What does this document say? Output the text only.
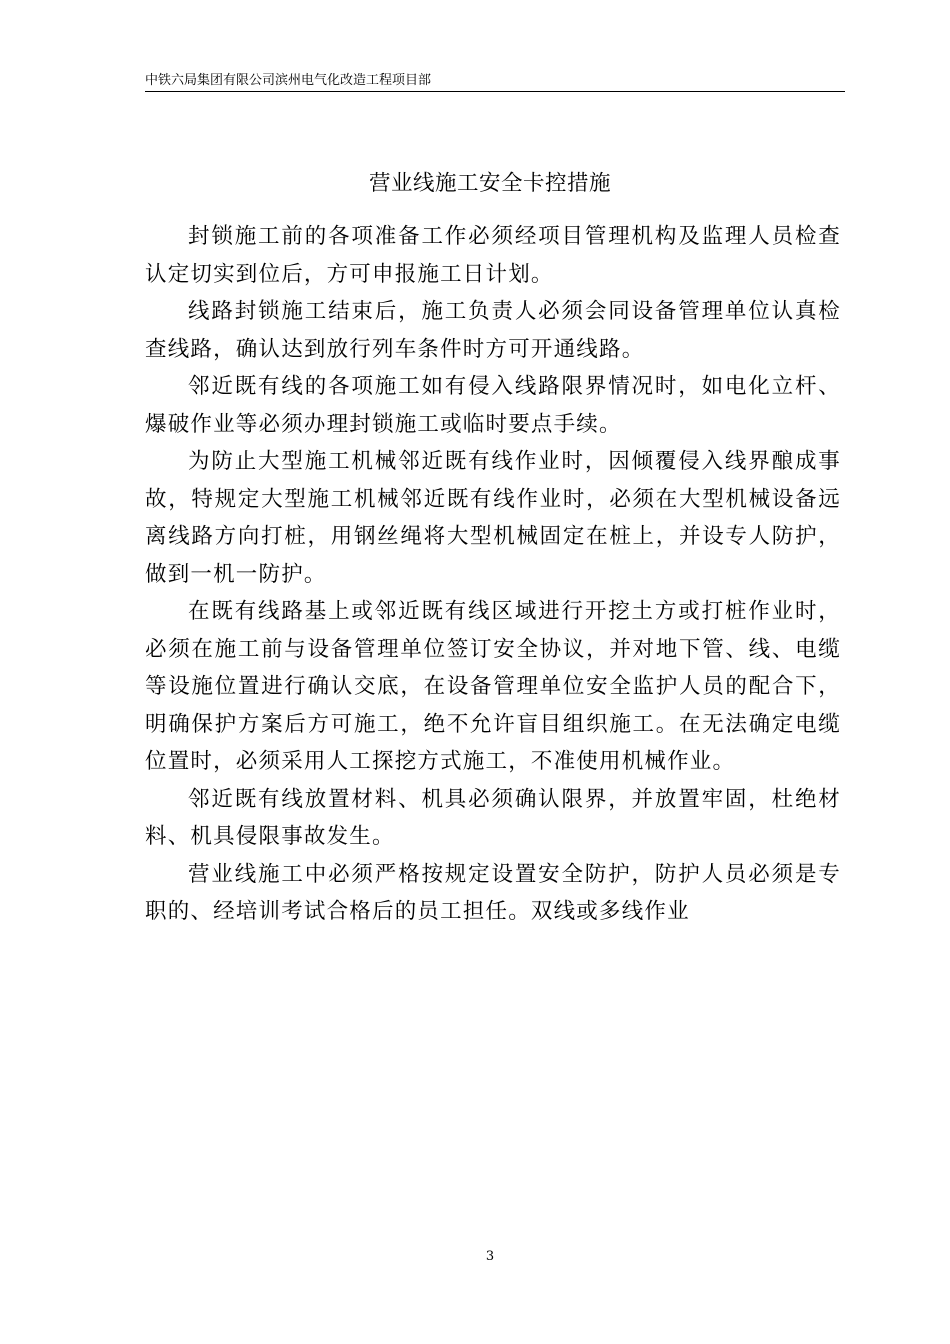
中铁六局集团有限公司滨州电气化改造工程项目部
营业线施工安全卡控措施

封锁施工前的各项准备工作必须经项目管理机构及监理人员检查认定切实到位后，方可申报施工日计划。

线路封锁施工结束后，施工负责人必须会同设备管理单位认真检查线路，确认达到放行列车条件时方可开通线路。

邻近既有线的各项施工如有侵入线路限界情况时，如电化立杆、爆破作业等必须办理封锁施工或临时要点手续。

为防止大型施工机械邻近既有线作业时，因倾覆侵入线界酿成事故，特规定大型施工机械邻近既有线作业时，必须在大型机械设备远离线路方向打桩，用钢丝绳将大型机械固定在桩上，并设专人防护，做到一机一防护。

在既有线路基上或邻近既有线区域进行开挖土方或打桩作业时，必须在施工前与设备管理单位签订安全协议，并对地下管、线、电缆等设施位置进行确认交底，在设备管理单位安全监护人员的配合下，明确保护方案后方可施工，绝不允许盲目组织施工。在无法确定电缆位置时，必须采用人工探挖方式施工，不准使用机械作业。

邻近既有线放置材料、机具必须确认限界，并放置牢固，杜绝材料、机具侵限事故发生。

营业线施工中必须严格按规定设置安全防护，防护人员必须是专职的、经培训考试合格后的员工担任。双线或多线作业

3
